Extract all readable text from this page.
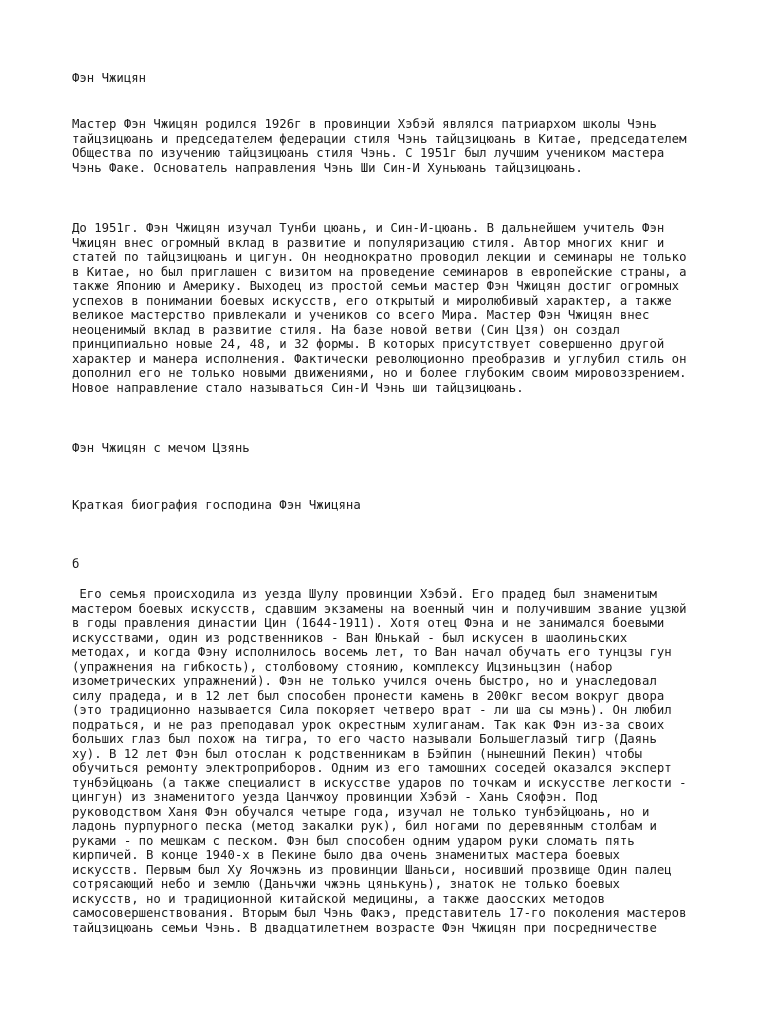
Фэн Чжицян

Мастер Фэн Чжицян родился 1926г в провинции Хэбэй являлся патриархом школы Чэнь
тайцзицюань и председателем федерации стиля Чэнь тайцзицюань в Китае, председателем
Общества по изучению тайцзицюань стиля Чэнь. С 1951г был лучшим учеником мастера
Чэнь Факе. Основатель направления Чэнь Ши Син-И Хуньюань тайцзицюань.

До 1951г. Фэн Чжицян изучал Тунби цюань, и Син-И-цюань. В дальнейшем учитель Фэн
Чжицян внес огромный вклад в развитие и популяризацию стиля. Автор многих книг и
статей по тайцзицюань и цигун. Он неоднократно проводил лекции и семинары не только
в Китае, но был приглашен с визитом на проведение семинаров в европейские страны, а
также Японию и Америку. Выходец из простой семьи мастер Фэн Чжицян достиг огромных
успехов в понимании боевых искусств, его открытый и миролюбивый характер, а также
великое мастерство привлекали и учеников со всего Мира. Мастер Фэн Чжицян внес
неоценимый вклад в развитие стиля. На базе новой ветви (Син Цзя) он создал
принципиально новые 24, 48, и 32 формы. В которых присутствует совершенно другой
характер и манера исполнения. Фактически революционно преобразив и углубил стиль он
дополнил его не только новыми движениями, но и более глубоким своим мировоззрением.
Новое направление стало называться Син-И Чэнь ши тайцзицюань.

Фэн Чжицян с мечом Цзянь

Краткая биография господина Фэн Чжицяна

б

Его семья происходила из уезда Шулу провинции Хэбэй. Его прадед был знаменитым
мастером боевых искусств, сдавшим экзамены на военный чин и получившим звание уцзюй
в годы правления династии Цин (1644-1911). Хотя отец Фэна и не занимался боевыми
искусствами, один из родственников - Ван Юнькай - был искусен в шаолиньских
методах, и когда Фэну исполнилось восемь лет, то Ван начал обучать его тунцзы гун
(упражнения на гибкость), столбовому стоянию, комплексу Ицзиньцзин (набор
изометрических упражнений). Фэн не только учился очень быстро, но и унаследовал
силу прадеда, и в 12 лет был способен пронести камень в 200кг весом вокруг двора
(это традиционно называется Сила покоряет четверо врат - ли ша сы мэнь). Он любил
подраться, и не раз преподавал урок окрестным хулиганам. Так как Фэн из-за своих
больших глаз был похож на тигра, то его часто называли Большеглазый тигр (Даянь
ху). В 12 лет Фэн был отослан к родственникам в Бэйпин (нынешний Пекин) чтобы
обучиться ремонту электроприборов. Одним из его тамошних соседей оказался эксперт
тунбэйцюань (а также специалист в искусстве ударов по точкам и искусстве легкости -
цингун) из знаменитого уезда Цанчжоу провинции Хэбэй - Хань Сяофэн. Под
руководством Ханя Фэн обучался четыре года, изучал не только тунбэйцюань, но и
ладонь пурпурного песка (метод закалки рук), бил ногами по деревянным столбам и
руками - по мешкам с песком. Фэн был способен одним ударом руки сломать пять
кирпичей. В конце 1940-х в Пекине было два очень знаменитых мастера боевых
искусств. Первым был Ху Яочжэнь из провинции Шаньси, носивший прозвище Один палец
сотрясающий небо и землю (Даньчжи чжэнь цянькунь), знаток не только боевых
искусств, но и традиционной китайской медицины, а также даосских методов
самосовершенствования. Вторым был Чэнь Факэ, представитель 17-го поколения мастеров
тайцзицюань семьи Чэнь. В двадцатилетнем возрасте Фэн Чжицян при посредничестве
